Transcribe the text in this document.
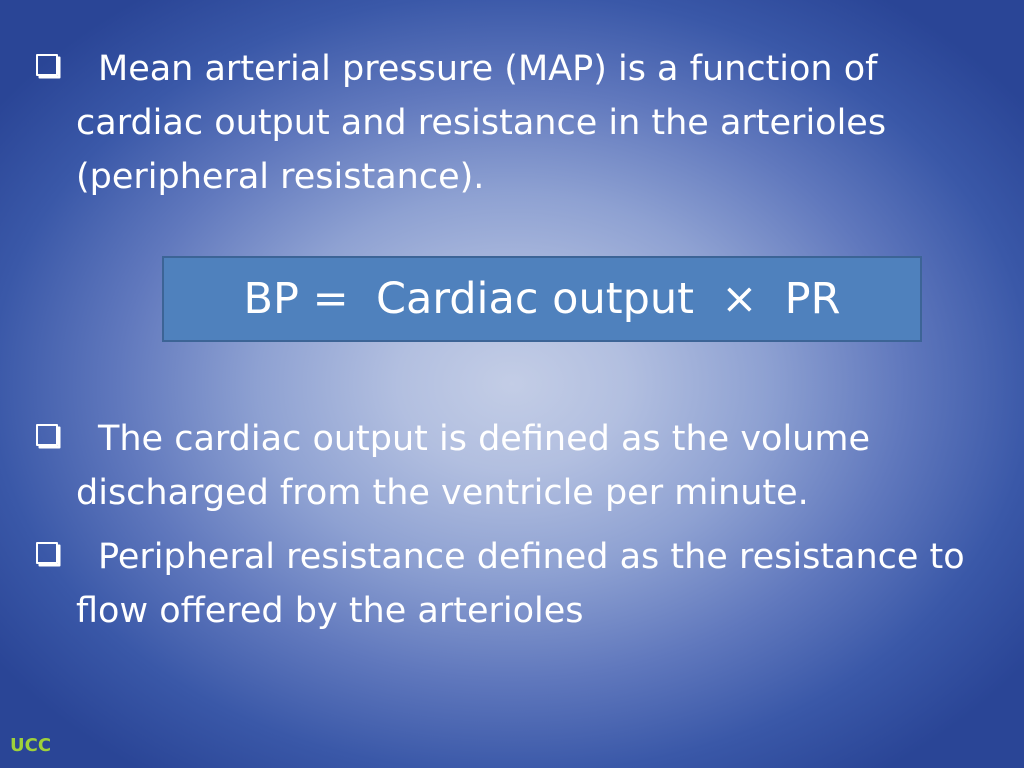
Mean arterial pressure (MAP) is a function of cardiac output and resistance in the arterioles (peripheral resistance).
BP =  Cardiac output  ×  PR
The cardiac output is defined as the volume discharged from the ventricle per minute.
Peripheral resistance defined as the resistance to flow offered by the arterioles
UCC
